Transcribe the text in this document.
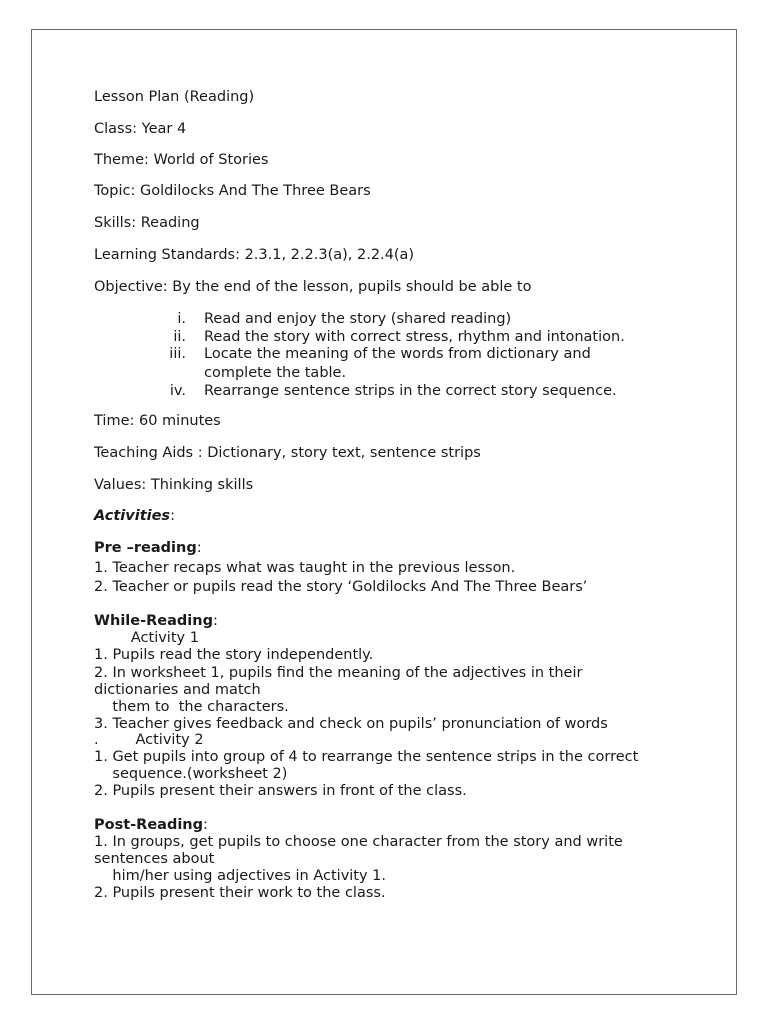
Lesson Plan (Reading)
Class: Year 4
Theme: World of Stories
Topic: Goldilocks And The Three Bears
Skills: Reading
Learning Standards: 2.3.1, 2.2.3(a), 2.2.4(a)
Objective: By the end of the lesson, pupils should be able to
i. Read and enjoy the story (shared reading)
ii. Read the story with correct stress, rhythm and intonation.
iii. Locate the meaning of the words from dictionary and
complete the table.
iv. Rearrange sentence strips in the correct story sequence.
Time: 60 minutes
Teaching Aids : Dictionary, story text, sentence strips
Values: Thinking skills
Activities:
Pre –reading:
1. Teacher recaps what was taught in the previous lesson.
2. Teacher or pupils read the story ‘Goldilocks And The Three Bears’
While-Reading:
Activity 1
1. Pupils read the story independently.
2. In worksheet 1, pupils find the meaning of the adjectives in their
dictionaries and match
them to  the characters.
3. Teacher gives feedback and check on pupils’ pronunciation of words
.        Activity 2
1. Get pupils into group of 4 to rearrange the sentence strips in the correct
sequence.(worksheet 2)
2. Pupils present their answers in front of the class.
Post-Reading:
1. In groups, get pupils to choose one character from the story and write
sentences about
him/her using adjectives in Activity 1.
2. Pupils present their work to the class.
